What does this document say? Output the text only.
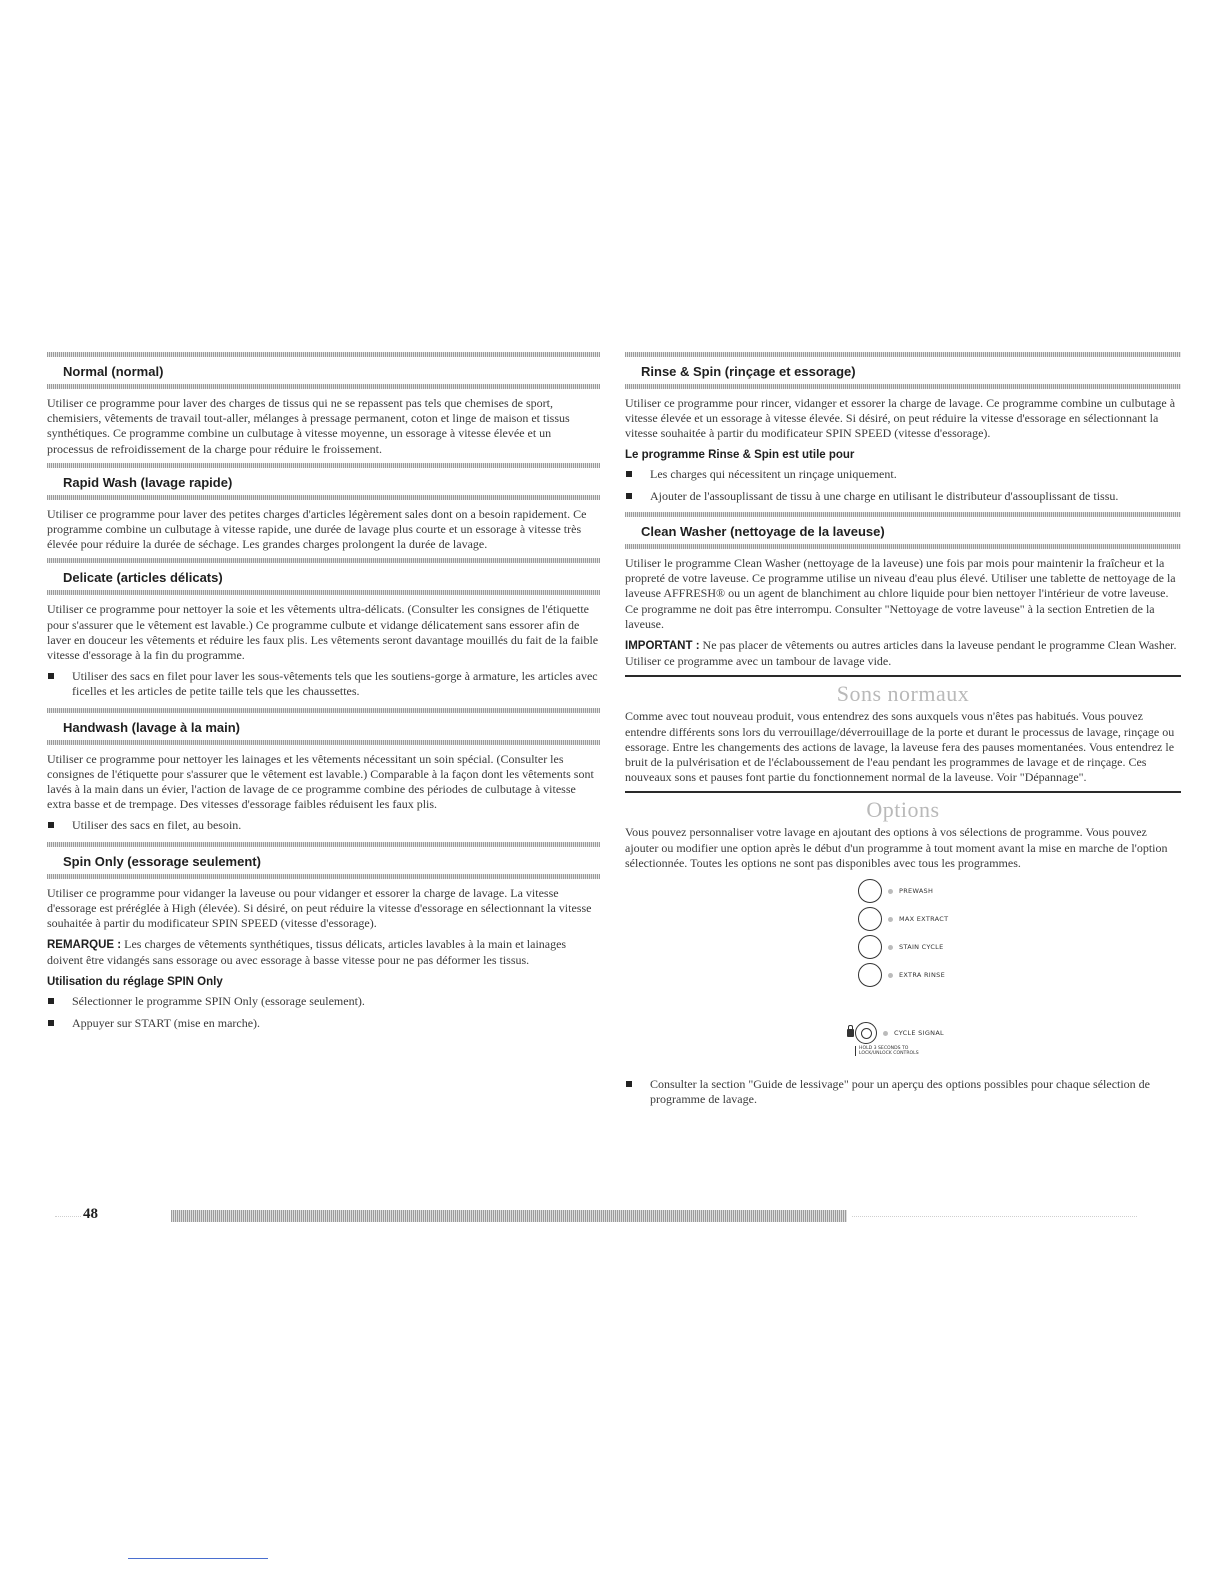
Normal (normal)

Utiliser ce programme pour laver des charges de tissus qui ne se repassent pas tels que chemises de sport, chemisiers, vêtements de travail tout-aller, mélanges à pressage permanent, coton et linge de maison et tissus synthétiques. Ce programme combine un culbutage à vitesse moyenne, un essorage à vitesse élevée et un processus de refroidissement de la charge pour réduire le froissement.

Rapid Wash (lavage rapide)

Utiliser ce programme pour laver des petites charges d'articles légèrement sales dont on a besoin rapidement. Ce programme combine un culbutage à vitesse rapide, une durée de lavage plus courte et un essorage à vitesse très élevée pour réduire la durée de séchage. Les grandes charges prolongent la durée de lavage.

Delicate (articles délicats)

Utiliser ce programme pour nettoyer la soie et les vêtements ultra-délicats. (Consulter les consignes de l'étiquette pour s'assurer que le vêtement est lavable.) Ce programme culbute et vidange délicatement sans essorer afin de laver en douceur les vêtements et réduire les faux plis. Les vêtements seront davantage mouillés du fait de la faible vitesse d'essorage à la fin du programme.

Utiliser des sacs en filet pour laver les sous-vêtements tels que les soutiens-gorge à armature, les articles avec ficelles et les articles de petite taille tels que les chaussettes.
Handwash (lavage à la main)

Utiliser ce programme pour nettoyer les lainages et les vêtements nécessitant un soin spécial. (Consulter les consignes de l'étiquette pour s'assurer que le vêtement est lavable.) Comparable à la façon dont les vêtements sont lavés à la main dans un évier, l'action de lavage de ce programme combine des périodes de culbutage à vitesse extra basse et de trempage. Des vitesses d'essorage faibles réduisent les faux plis.

Utiliser des sacs en filet, au besoin.
Spin Only (essorage seulement)

Utiliser ce programme pour vidanger la laveuse ou pour vidanger et essorer la charge de lavage. La vitesse d'essorage est préréglée à High (élevée). Si désiré, on peut réduire la vitesse d'essorage en sélectionnant la vitesse souhaitée à partir du modificateur SPIN SPEED (vitesse d'essorage).

REMARQUE : Les charges de vêtements synthétiques, tissus délicats, articles lavables à la main et lainages doivent être vidangés sans essorage ou avec essorage à basse vitesse pour ne pas déformer les tissus.

Utilisation du réglage SPIN Only
Sélectionner le programme SPIN Only (essorage seulement).
Appuyer sur START (mise en marche).
Rinse & Spin (rinçage et essorage)

Utiliser ce programme pour rincer, vidanger et essorer la charge de lavage. Ce programme combine un culbutage à vitesse élevée et un essorage à vitesse élevée. Si désiré, on peut réduire la vitesse d'essorage en sélectionnant la vitesse souhaitée à partir du modificateur SPIN SPEED (vitesse d'essorage).

Le programme Rinse & Spin est utile pour
Les charges qui nécessitent un rinçage uniquement.
Ajouter de l'assouplissant de tissu à une charge en utilisant le distributeur d'assouplissant de tissu.
Clean Washer (nettoyage de la laveuse)

Utiliser le programme Clean Washer (nettoyage de la laveuse) une fois par mois pour maintenir la fraîcheur et la propreté de votre laveuse. Ce programme utilise un niveau d'eau plus élevé. Utiliser une tablette de nettoyage de la laveuse AFFRESH® ou un agent de blanchiment au chlore liquide pour bien nettoyer l'intérieur de votre laveuse. Ce programme ne doit pas être interrompu. Consulter "Nettoyage de votre laveuse" à la section Entretien de la laveuse.

IMPORTANT : Ne pas placer de vêtements ou autres articles dans la laveuse pendant le programme Clean Washer. Utiliser ce programme avec un tambour de lavage vide.

Sons normaux

Comme avec tout nouveau produit, vous entendrez des sons auxquels vous n'êtes pas habitués. Vous pouvez entendre différents sons lors du verrouillage/déverrouillage de la porte et durant le processus de lavage, rinçage ou essorage. Entre les changements des actions de lavage, la laveuse fera des pauses momentanées. Vous entendrez le bruit de la pulvérisation et de l'éclaboussement de l'eau pendant les programmes de lavage et de rinçage. Ces nouveaux sons et pauses font partie du fonctionnement normal de la laveuse. Voir "Dépannage".

Options

Vous pouvez personnaliser votre lavage en ajoutant des options à vos sélections de programme. Vous pouvez ajouter ou modifier une option après le début d'un programme à tout moment avant la mise en marche de l'option sélectionnée. Toutes les options ne sont pas disponibles avec tous les programmes.

PREWASH
MAX EXTRACT
STAIN CYCLE
EXTRA RINSE
CYCLE SIGNAL
HOLD 3 SECONDS TO
LOCK/UNLOCK CONTROLS
Consulter la section "Guide de lessivage" pour un aperçu des options possibles pour chaque sélection de programme de lavage.
48
